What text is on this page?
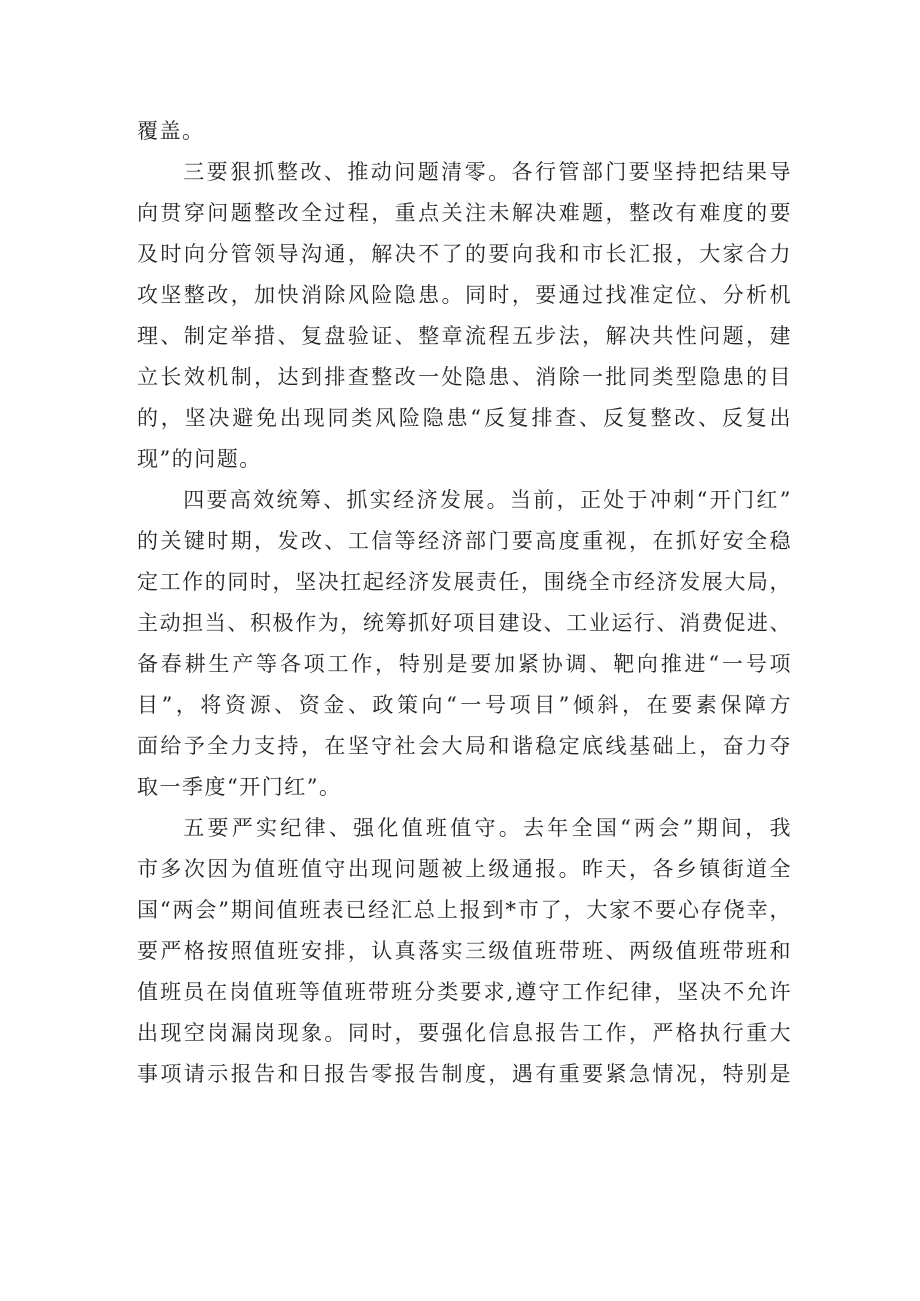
覆盖。

三要狠抓整改、推动问题清零。各行管部门要坚持把结果导
向贯穿问题整改全过程，重点关注未解决难题，整改有难度的要
及时向分管领导沟通，解决不了的要向我和市长汇报，大家合力
攻坚整改，加快消除风险隐患。同时，要通过找准定位、分析机
理、制定举措、复盘验证、整章流程五步法，解决共性问题，建
立长效机制，达到排查整改一处隐患、消除一批同类型隐患的目
的，坚决避免出现同类风险隐患“反复排查、反复整改、反复出
现”的问题。

四要高效统筹、抓实经济发展。当前，正处于冲刺“开门红”
的关键时期，发改、工信等经济部门要高度重视，在抓好安全稳
定工作的同时，坚决扛起经济发展责任，围绕全市经济发展大局，
主动担当、积极作为，统筹抓好项目建设、工业运行、消费促进、
备春耕生产等各项工作，特别是要加紧协调、靶向推进“一号项
目”，将资源、资金、政策向“一号项目”倾斜，在要素保障方
面给予全力支持，在坚守社会大局和谐稳定底线基础上，奋力夺
取一季度“开门红”。

五要严实纪律、强化值班值守。去年全国“两会”期间，我
市多次因为值班值守出现问题被上级通报。昨天，各乡镇街道全
国“两会”期间值班表已经汇总上报到*市了，大家不要心存侥幸，
要严格按照值班安排，认真落实三级值班带班、两级值班带班和
值班员在岗值班等值班带班分类要求,遵守工作纪律，坚决不允许
出现空岗漏岗现象。同时，要强化信息报告工作，严格执行重大
事项请示报告和日报告零报告制度，遇有重要紧急情况，特别是
